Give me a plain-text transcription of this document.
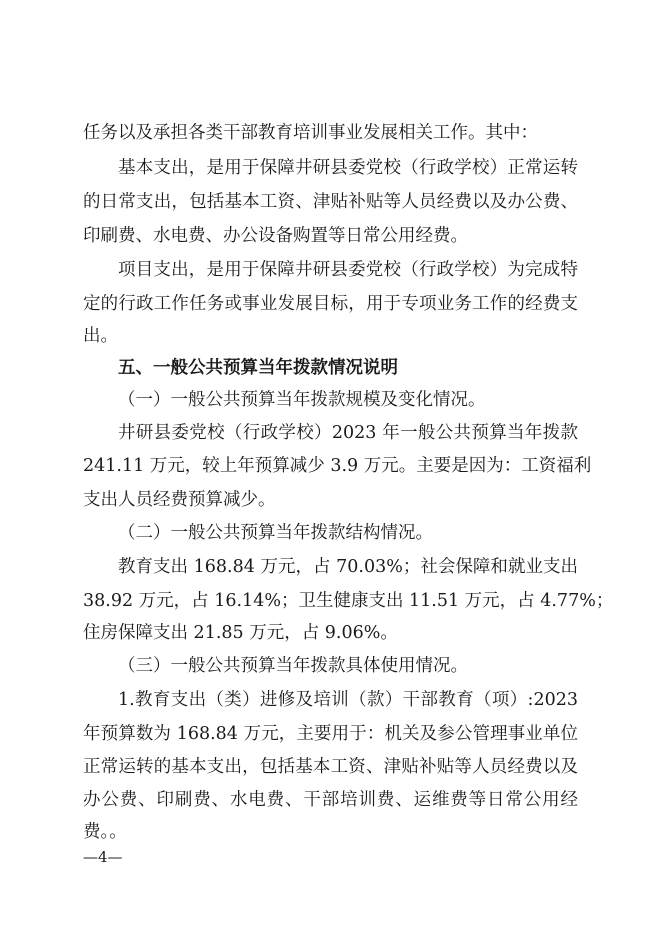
任务以及承担各类干部教育培训事业发展相关工作。其中：
基本支出，是用于保障井研县委党校（行政学校）正常运转
的日常支出，包括基本工资、津贴补贴等人员经费以及办公费、
印刷费、水电费、办公设备购置等日常公用经费。
项目支出，是用于保障井研县委党校（行政学校）为完成特
定的行政工作任务或事业发展目标，用于专项业务工作的经费支
出。
五、一般公共预算当年拨款情况说明
（一）一般公共预算当年拨款规模及变化情况。
井研县委党校（行政学校）2023 年一般公共预算当年拨款
241.11 万元，较上年预算减少 3.9 万元。主要是因为：工资福利
支出人员经费预算减少。
（二）一般公共预算当年拨款结构情况。
教育支出 168.84 万元，占 70.03%；社会保障和就业支出
38.92 万元，占 16.14%；卫生健康支出 11.51 万元，占 4.77%；
住房保障支出 21.85 万元，占 9.06%。
（三）一般公共预算当年拨款具体使用情况。
1.教育支出（类）进修及培训（款）干部教育（项）:2023
年预算数为 168.84 万元，主要用于：机关及参公管理事业单位
正常运转的基本支出，包括基本工资、津贴补贴等人员经费以及
办公费、印刷费、水电费、干部培训费、运维费等日常公用经
费。。
—4—
